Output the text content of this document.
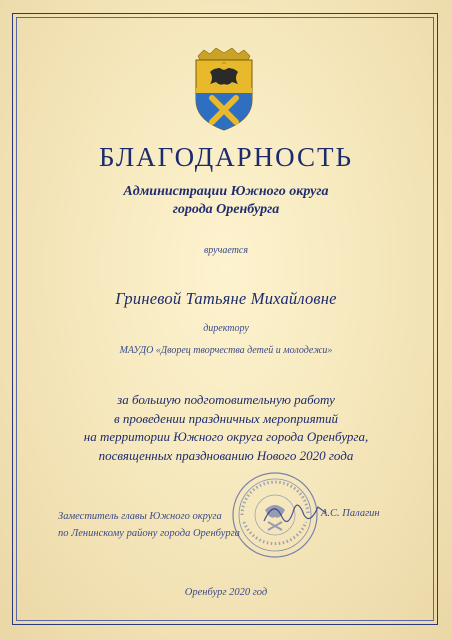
БЛАГОДАРНОСТЬ
Администрации Южного округа
города Оренбурга
вручается
Гриневой Татьяне Михайловне
директору
МАУДО «Дворец творчества детей и молодежи»
за большую подготовительную работу
в проведении праздничных мероприятий
на территории Южного округа города Оренбурга,
посвященных празднованию Нового 2020 года
Заместитель главы Южного округа
по Ленинскому району города Оренбурга
А.С. Палагин
Оренбург 2020 год
